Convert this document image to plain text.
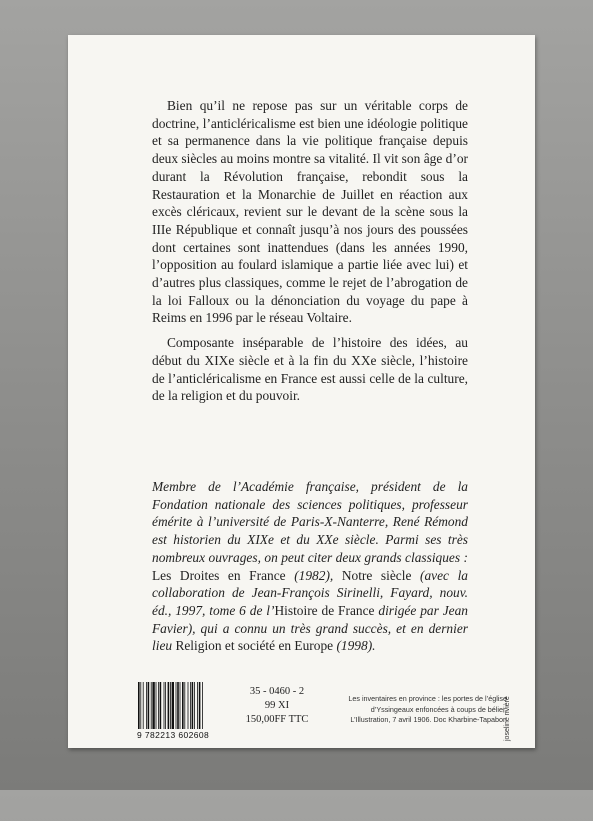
Bien qu’il ne repose pas sur un véritable corps de doctrine, l’anticléricalisme est bien une idéologie politique et sa permanence dans la vie politique française depuis deux siècles au moins montre sa vitalité. Il vit son âge d’or durant la Révolution française, rebondit sous la Restauration et la Monarchie de Juillet en réaction aux excès cléricaux, revient sur le devant de la scène sous la IIIe République et connaît jusqu’à nos jours des poussées dont certaines sont inattendues (dans les années 1990, l’opposition au foulard islamique a partie liée avec lui) et d’autres plus classiques, comme le rejet de l’abrogation de la loi Falloux ou la dénonciation du voyage du pape à Reims en 1996 par le réseau Voltaire.

Composante inséparable de l’histoire des idées, au début du XIXe siècle et à la fin du XXe siècle, l’histoire de l’anticléricalisme en France est aussi celle de la culture, de la religion et du pouvoir.

Membre de l’Académie française, président de la Fondation nationale des sciences politiques, professeur émérite à l’université de Paris-X-Nanterre, René Rémond est historien du XIXe et du XXe siècle. Parmi ses très nombreux ouvrages, on peut citer deux grands classiques : Les Droites en France (1982), Notre siècle (avec la collaboration de Jean-François Sirinelli, Fayard, nouv. éd., 1997, tome 6 de l’Histoire de France dirigée par Jean Favier), qui a connu un très grand succès, et en dernier lieu Religion et société en Europe (1998).
9 782213 602608
35 - 0460 - 2
99 XI
150,00FF TTC
Les inventaires en province : les portes de l’église
d’Yssingeaux enfoncées à coups de bélier,
L’Illustration, 7 avril 1906. Doc Kharbine-Tapabor.
joseline rivière
